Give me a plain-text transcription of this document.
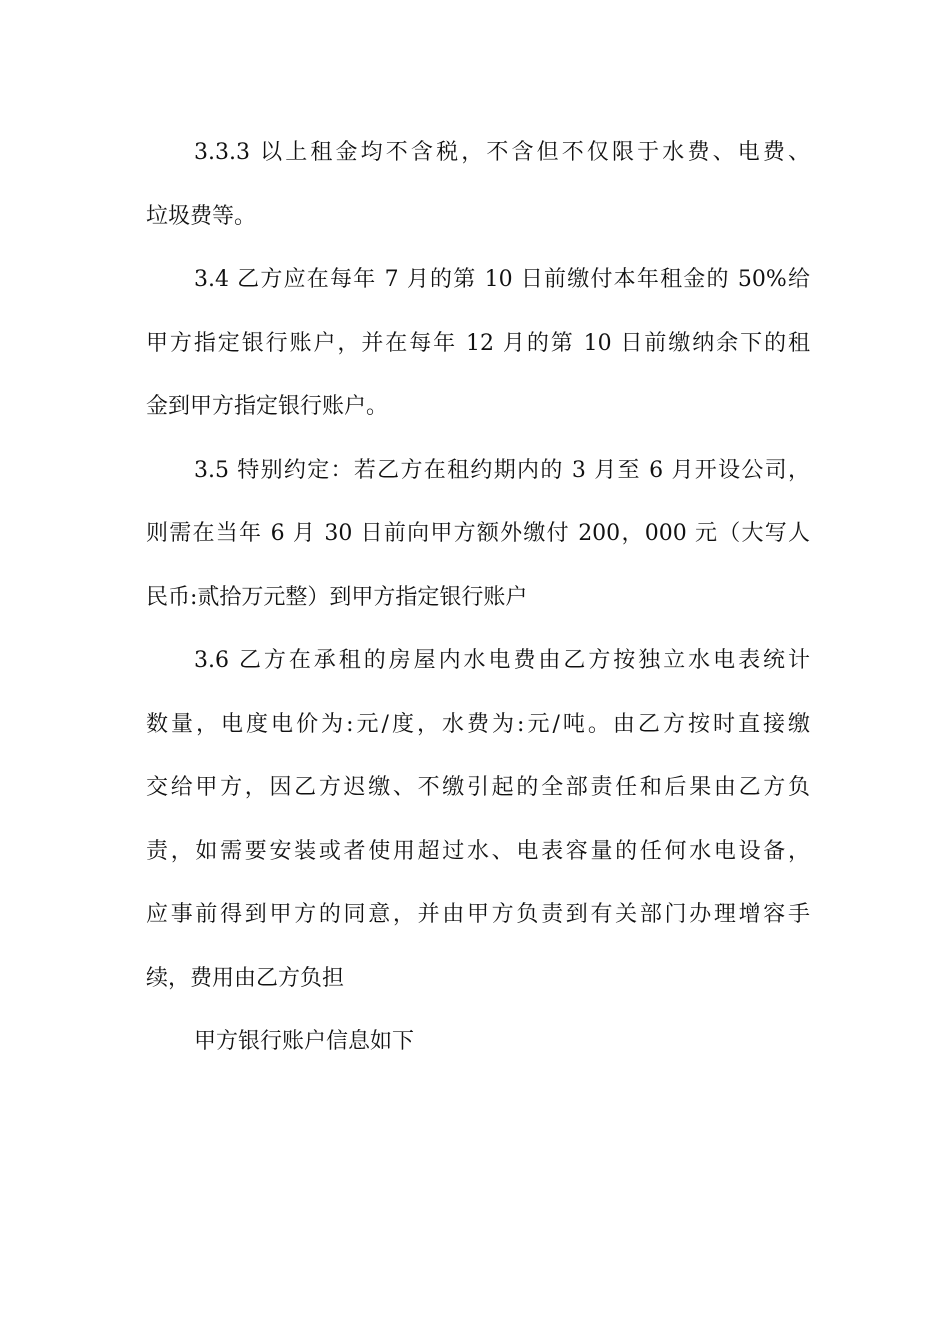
3.3.3 以上租金均不含税，不含但不仅限于水费、电费、
垃圾费等。
3.4 乙方应在每年 7 月的第 10 日前缴付本年租金的 50%给
甲方指定银行账户，并在每年 12 月的第 10 日前缴纳余下的租
金到甲方指定银行账户。
3.5 特别约定：若乙方在租约期内的 3 月至 6 月开设公司，
则需在当年 6 月 30 日前向甲方额外缴付 200，000 元（大写人
民币:贰拾万元整）到甲方指定银行账户
3.6 乙方在承租的房屋内水电费由乙方按独立水电表统计
数量，电度电价为:元/度，水费为:元/吨。由乙方按时直接缴
交给甲方，因乙方迟缴、不缴引起的全部责任和后果由乙方负
责，如需要安装或者使用超过水、电表容量的任何水电设备，
应事前得到甲方的同意，并由甲方负责到有关部门办理增容手
续，费用由乙方负担
甲方银行账户信息如下
